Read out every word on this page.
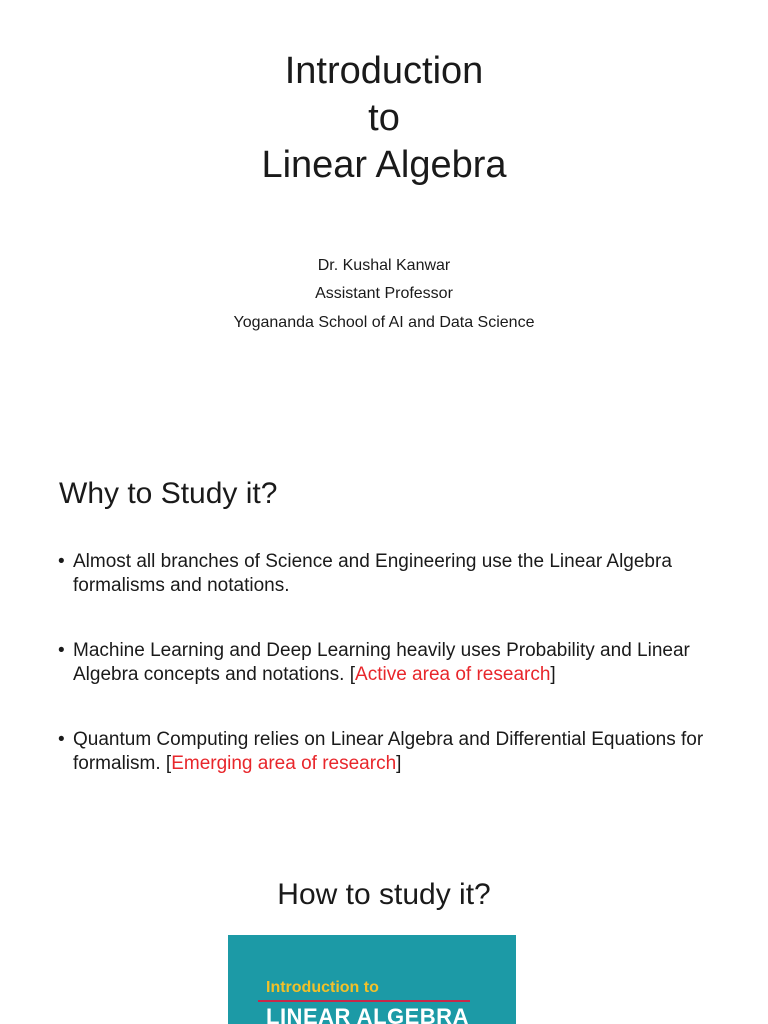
Introduction
to
Linear Algebra
Dr. Kushal Kanwar
Assistant Professor
Yogananda School of AI and Data Science
Why to Study it?
• Almost all branches of Science and Engineering use the Linear Algebra formalisms and notations.
• Machine Learning and Deep Learning heavily uses Probability and Linear Algebra concepts and notations. [Active area of research]
• Quantum Computing relies on Linear Algebra and Differential Equations for formalism. [Emerging area of research]
How to study it?
Introduction to
LINEAR ALGEBRA
